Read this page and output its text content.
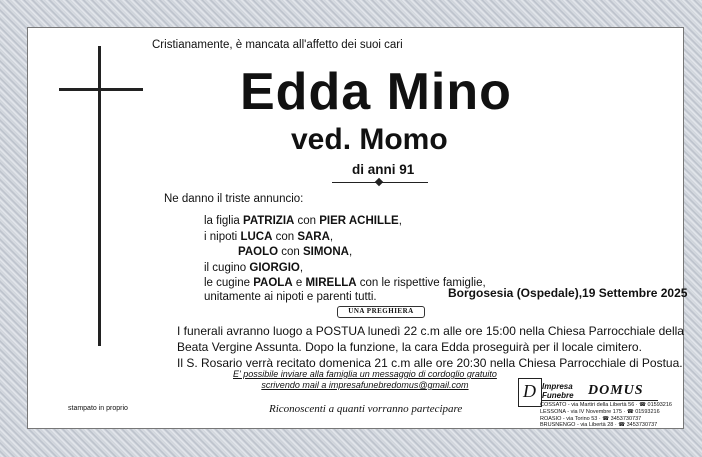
Cristianamente, è mancata all'affetto dei suoi cari
Edda Mino
ved. Momo
di anni 91
Ne danno il triste annuncio:
la figlia PATRIZIA con PIER ACHILLE,
i nipoti LUCA con SARA,
PAOLO con SIMONA,
il cugino GIORGIO,
le cugine PAOLA e MIRELLA con le rispettive famiglie,
unitamente ai nipoti e parenti tutti.	Borgosesia (Ospedale),19 Settembre 2025
UNA PREGHIERA
I funerali avranno luogo a POSTUA lunedì 22 c.m alle ore 15:00 nella Chiesa Parrocchiale della
Beata Vergine Assunta. Dopo la funzione, la cara Edda proseguirà per il locale cimitero.
Il S. Rosario verrà recitato domenica 21 c.m alle ore 20:30 nella Chiesa Parrocchiale di Postua.
E' possibile inviare alla famiglia un messaggio di cordoglio gratuito
scrivendo mail a impresafunebredomus@gmail.com
stampato in proprio	Riconoscenti a quanti vorranno partecipare
D Impresa
Funebre DOMUS
COSSATO - via Martiri della Libertà 56 · ☎ 01593216
LESSONA - via IV Novembre 175 · ☎ 01593216
ROASIO - via Torino 53 · ☎ 3453730737
BRUSNENGO - via Libertà 28 · ☎ 3453730737
